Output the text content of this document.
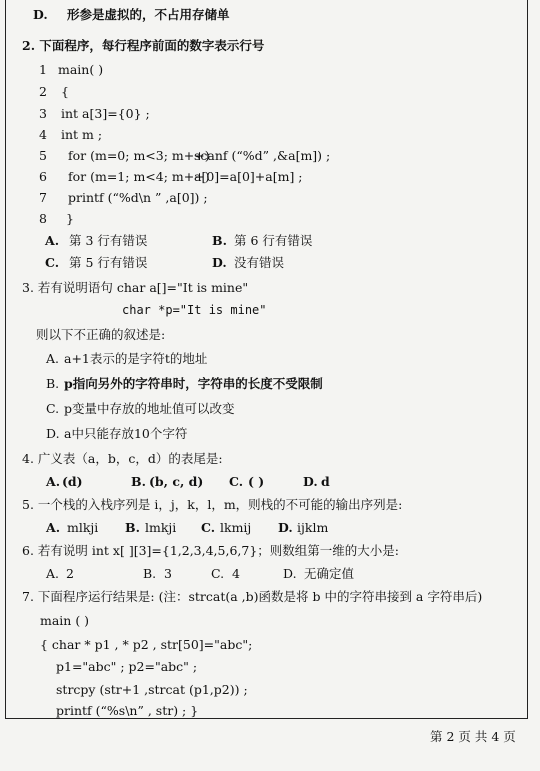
D. 形参是虚拟的，不占用存储单
2. 下面程序，每行程序前面的数字表示行号
1 main( )
2 {
3 int a[3]={0} ;
4 int m ;
5 for (m=0; m<3; m++)
scanf (“%d” ,&a[m]) ;
6 for (m=1; m<4; m++)
a[0]=a[0]+a[m] ;
7 printf (“%d\n ” ,a[0]) ;
8 }
A. 第 3 行有错误	B. 第 6 行有错误
C. 第 5 行有错误	D. 没有错误
3. 若有说明语句 char a[]="It is mine"
char *p="It is mine"
则以下不正确的叙述是:
A. a+1表示的是字符t的地址
B. p指向另外的字符串时，字符串的长度不受限制
C. p变量中存放的地址值可以改变
D. a中只能存放10个字符
4. 广义表（a，b，c，d）的表尾是:
A. (d)	B. (b, c, d) C. ( )	D. d
5. 一个栈的入栈序列是 i，j，k，l，m，则栈的不可能的输出序列是:
A. mlkji B. lmkji C. lkmij D. ijklm
6. 若有说明 int x[ ][3]={1,2,3,4,5,6,7}；则数组第一维的大小是:
A. 2	B. 3	C. 4	D. 无确定值
7. 下面程序运行结果是: (注：strcat(a ,b)函数是将 b 中的字符串接到 a 字符串后)
main ( )
{ char * p1 , * p2 , str[50]="abc";
p1="abc" ; p2="abc" ;
strcpy (str+1 ,strcat (p1,p2)) ;
printf (“%s\n” , str) ; }
第 2 页 共 4 页
